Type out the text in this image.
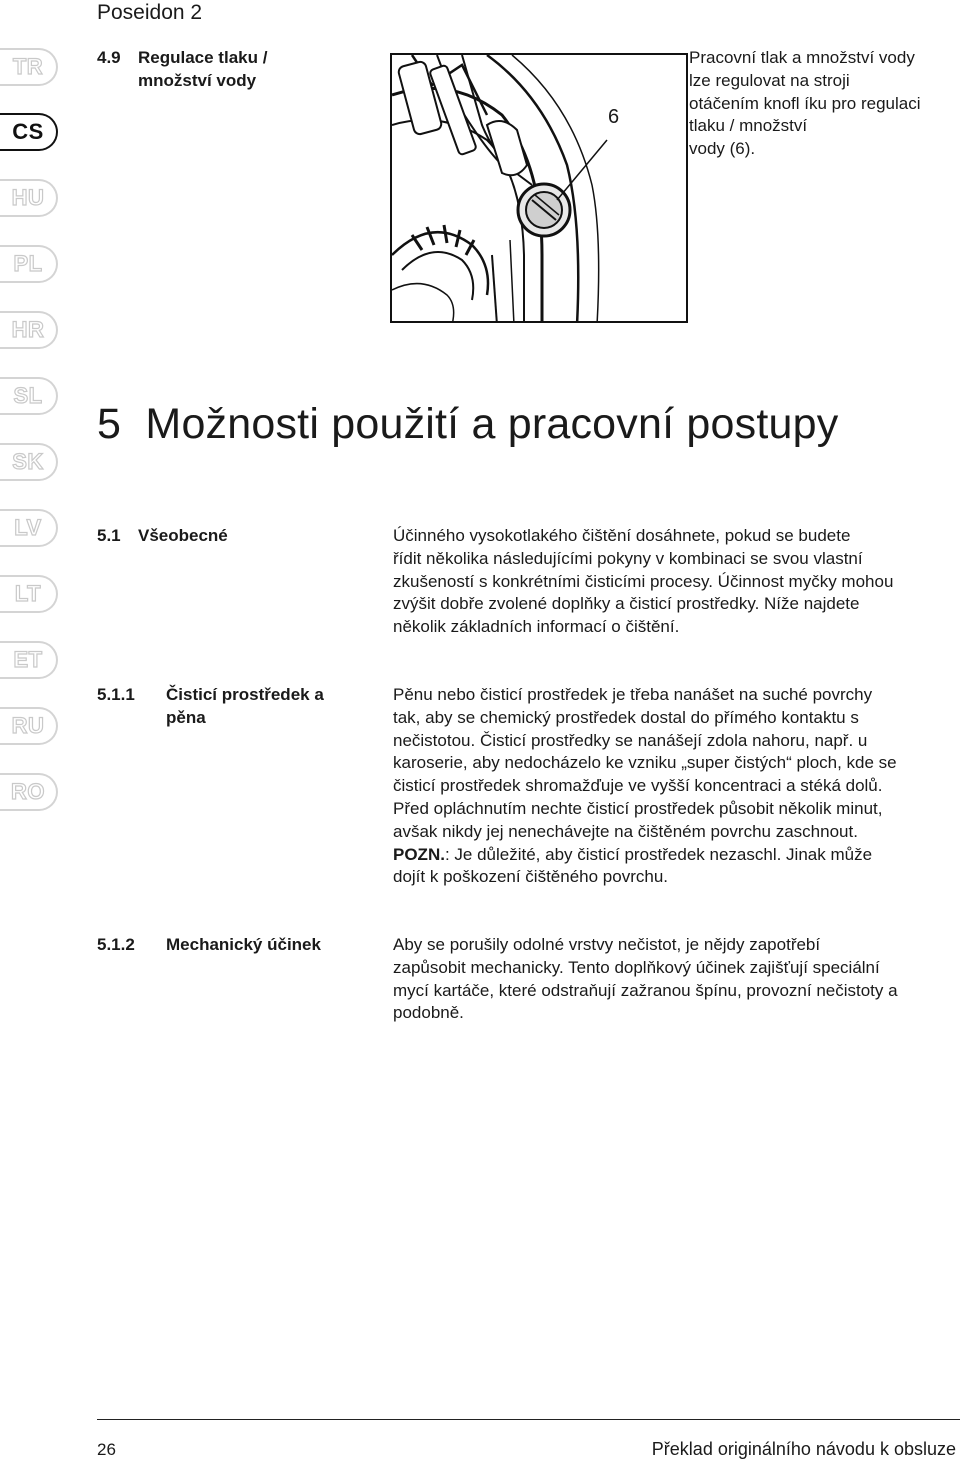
Poseidon 2
TR
CS
HU
PL
HR
SL
SK
LV
LT
ET
RU
RO
4.9 Regulace tlaku /
množství vody
6
Pracovní tlak a množství vody
lze regulovat na stroji
otáčením knofl íku pro regulaci
tlaku / množství
vody (6).
5 Možnosti použití a pracovní postupy
5.1 Všeobecné	Účinného vysokotlakého čištění dosáhnete, pokud se budete
řídit několika následujícími pokyny v kombinaci se svou vlastní
zkušeností s konkrétními čisticími procesy. Účinnost myčky mohou
zvýšit dobře zvolené doplňky a čisticí prostředky. Níže najdete
několik základních informací o čištění.
5.1.1 Čisticí prostředek a
pěna
Pěnu nebo čisticí prostředek je třeba nanášet na suché povrchy
tak, aby se chemický prostředek dostal do přímého kontaktu s
nečistotou. Čisticí prostředky se nanášejí zdola nahoru, např. u
karoserie, aby nedocházelo ke vzniku „super čistých“ ploch, kde se
čisticí prostředek shromažďuje ve vyšší koncentraci a stéká dolů.
Před opláchnutím nechte čisticí prostředek působit několik minut,
avšak nikdy jej nenechávejte na čištěném povrchu zaschnout.
POZN.: Je důležité, aby čisticí prostředek nezaschl. Jinak může
dojít k poškození čištěného povrchu.
5.1.2 Mechanický účinek	Aby se porušily odolné vrstvy nečistot, je nějdy zapotřebí
zapůsobit mechanicky. Tento doplňkový účinek zajišťují speciální
mycí kartáče, které odstraňují zažranou špínu, provozní nečistoty a
podobně.
26	Překlad originálního návodu k obsluze
